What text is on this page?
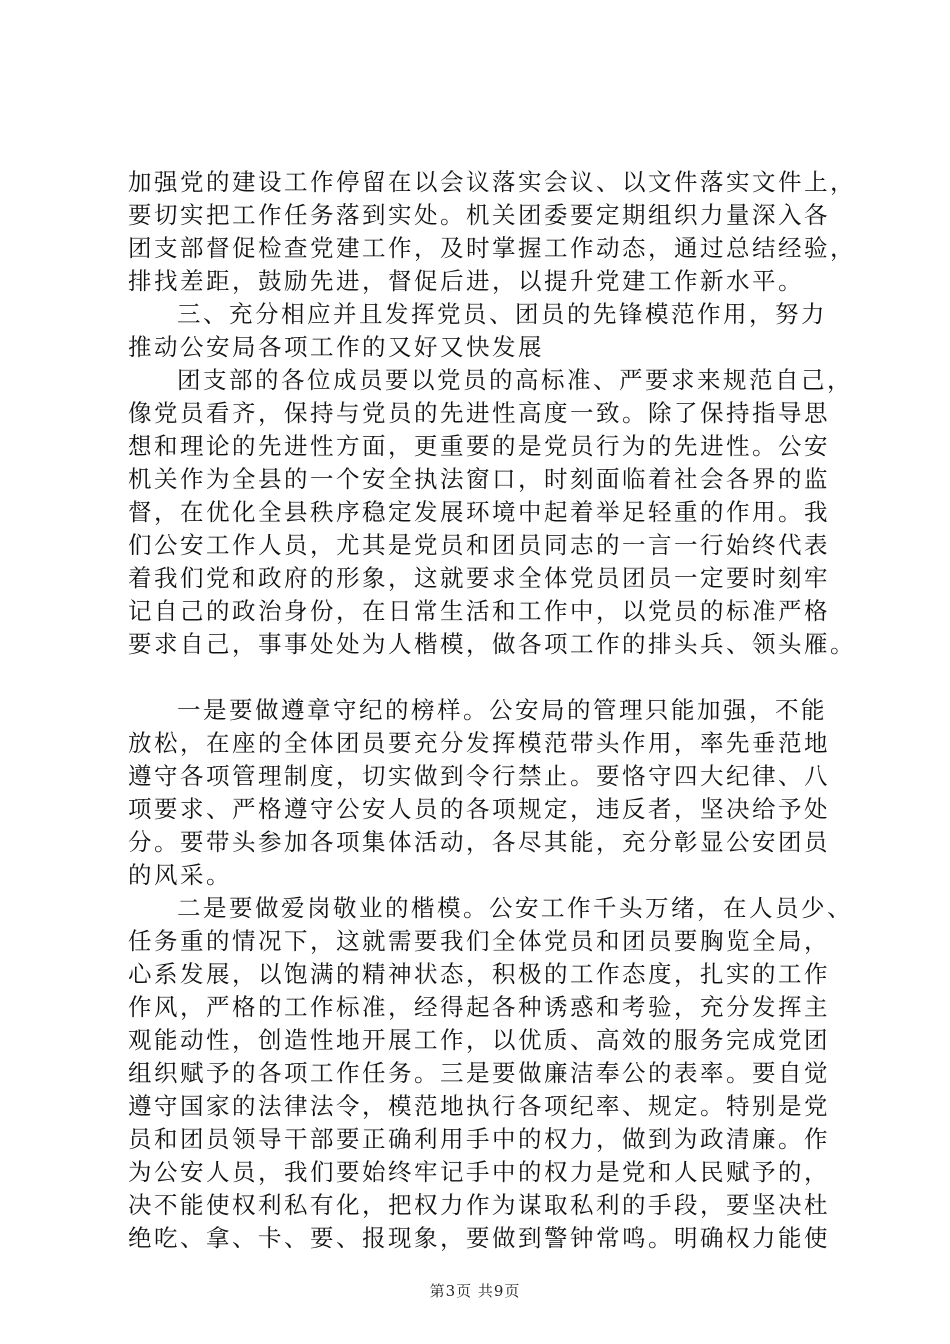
加强党的建设工作停留在以会议落实会议、以文件落实文件上，
要切实把工作任务落到实处。机关团委要定期组织力量深入各
团支部督促检查党建工作，及时掌握工作动态，通过总结经验，
排找差距，鼓励先进，督促后进，以提升党建工作新水平。
三、充分相应并且发挥党员、团员的先锋模范作用，努力
推动公安局各项工作的又好又快发展
团支部的各位成员要以党员的高标准、严要求来规范自己，
像党员看齐，保持与党员的先进性高度一致。除了保持指导思
想和理论的先进性方面，更重要的是党员行为的先进性。公安
机关作为全县的一个安全执法窗口，时刻面临着社会各界的监
督，在优化全县秩序稳定发展环境中起着举足轻重的作用。我
们公安工作人员，尤其是党员和团员同志的一言一行始终代表
着我们党和政府的形象，这就要求全体党员团员一定要时刻牢
记自己的政治身份，在日常生活和工作中，以党员的标准严格
要求自己，事事处处为人楷模，做各项工作的排头兵、领头雁。
一是要做遵章守纪的榜样。公安局的管理只能加强，不能
放松，在座的全体团员要充分发挥模范带头作用，率先垂范地
遵守各项管理制度，切实做到令行禁止。要恪守四大纪律、八
项要求、严格遵守公安人员的各项规定，违反者，坚决给予处
分。要带头参加各项集体活动，各尽其能，充分彰显公安团员
的风采。
二是要做爱岗敬业的楷模。公安工作千头万绪，在人员少、
任务重的情况下，这就需要我们全体党员和团员要胸览全局，
心系发展，以饱满的精神状态，积极的工作态度，扎实的工作
作风，严格的工作标准，经得起各种诱惑和考验，充分发挥主
观能动性，创造性地开展工作，以优质、高效的服务完成党团
组织赋予的各项工作任务。三是要做廉洁奉公的表率。要自觉
遵守国家的法律法令，模范地执行各项纪率、规定。特别是党
员和团员领导干部要正确利用手中的权力，做到为政清廉。作
为公安人员，我们要始终牢记手中的权力是党和人民赋予的，
决不能使权利私有化，把权力作为谋取私利的手段，要坚决杜
绝吃、拿、卡、要、报现象，要做到警钟常鸣。明确权力能使
第3页 共9页
